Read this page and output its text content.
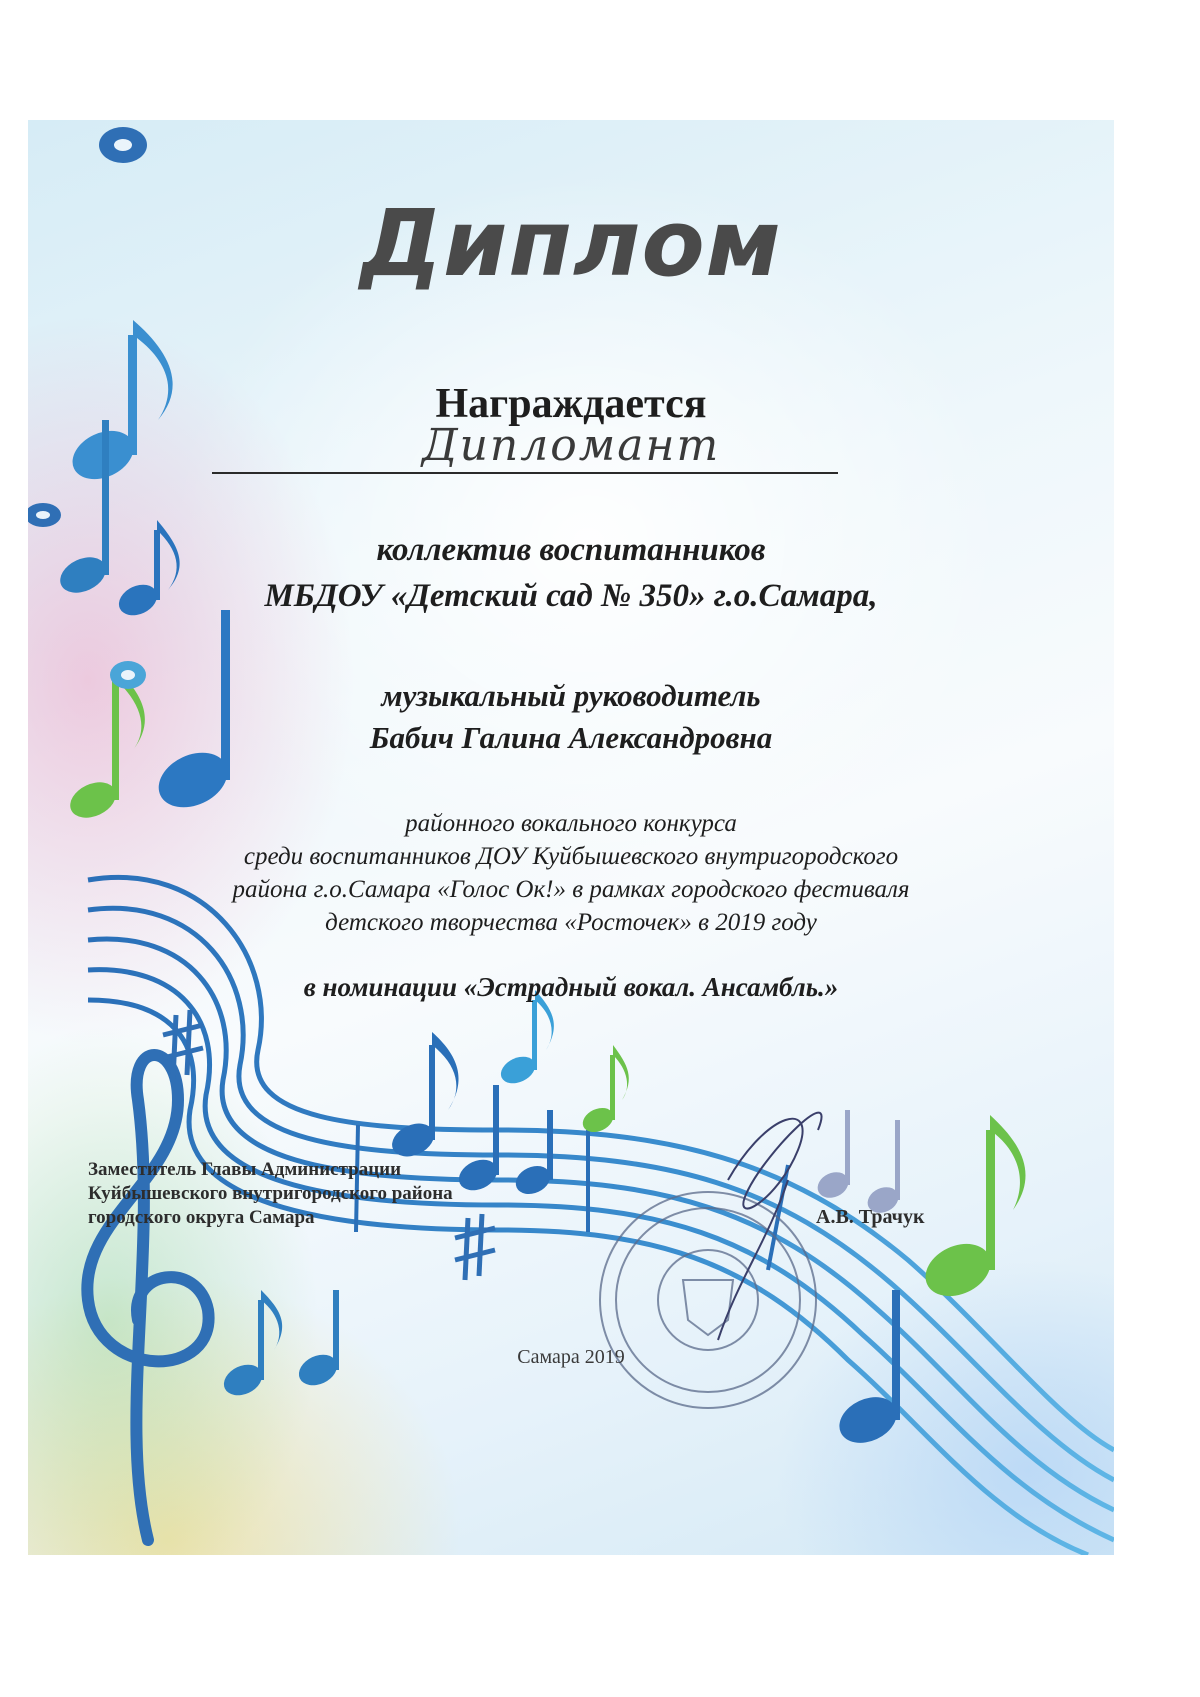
Диплом
Награждается
Дипломант
коллектив воспитанников
МБДОУ «Детский сад № 350» г.о.Самара,
музыкальный руководитель
Бабич Галина Александровна
районного вокального конкурса
среди воспитанников ДОУ Куйбышевского внутригородского
района г.о.Самара «Голос Ок!» в рамках городского фестиваля
детского творчества «Росточек» в 2019 году
в номинации «Эстрадный вокал. Ансамбль.»
Заместитель Главы Администрации
Куйбышевского внутригородского района
городского округа Самара	А.В. Трачук
Самара 2019
